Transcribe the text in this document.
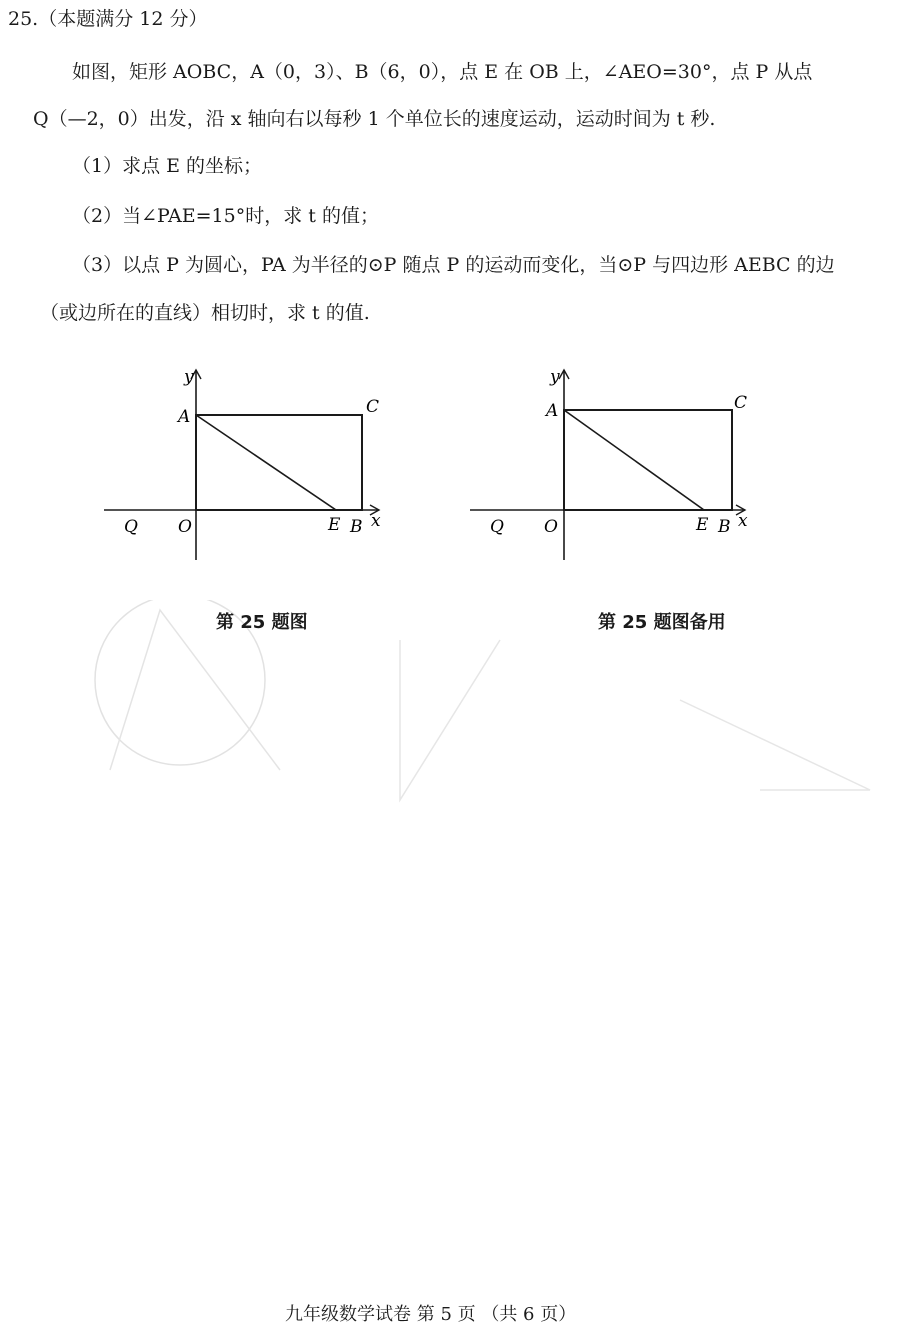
25.（本题满分 12 分）
如图，矩形 AOBC，A（0，3）、B（6，0），点 E 在 OB 上，∠AEO=30°，点 P 从点
Q（—2，0）出发，沿 x 轴向右以每秒 1 个单位长的速度运动，运动时间为 t 秒.
（1）求点 E 的坐标；
（2）当∠PAE=15°时，求 t 的值；
（3）以点 P 为圆心，PA 为半径的⊙P 随点 P 的运动而变化，当⊙P 与四边形 AEBC 的边
（或边所在的直线）相切时，求 t 的值.
y
A	C
Q O	E B x
y
A	C
Q O	E B x
第 25 题图	第 25 题图备用
九年级数学试卷 第 5 页 （共 6 页）
